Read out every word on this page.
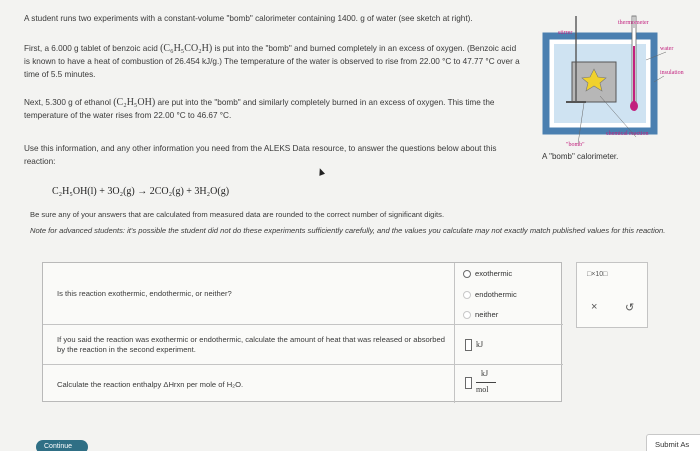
A student runs two experiments with a constant-volume "bomb" calorimeter containing 1400. g of water (see sketch at right).
First, a 6.000 g tablet of benzoic acid (C₆H₅CO₂H) is put into the "bomb" and burned completely in an excess of oxygen. (Benzoic acid is known to have a heat of combustion of 26.454 kJ/g.) The temperature of the water is observed to rise from 22.00 °C to 47.77 °C over a time of 5.5 minutes.
Next, 5.300 g of ethanol (C₂H₅OH) are put into the "bomb" and similarly completely burned in an excess of oxygen. This time the temperature of the water rises from 22.00 °C to 46.67 °C.
Use this information, and any other information you need from the ALEKS Data resource, to answer the questions below about this reaction:
C₂H₅OH(l) + 3O₂(g) → 2CO₂(g) + 3H₂O(g)
Be sure any of your answers that are calculated from measured data are rounded to the correct number of significant digits.
Note for advanced students: it's possible the student did not do these experiments sufficiently carefully, and the values you calculate may not exactly match published values for this reaction.
thermometer
stirrer
water
insulation
chemical reaction
"bomb"
A "bomb" calorimeter.
Is this reaction exothermic, endothermic, or neither?
exothermic
endothermic
neither
If you said the reaction was exothermic or endothermic, calculate the amount of heat that was released or absorbed by the reaction in the second experiment.	kJ
Calculate the reaction enthalpy ΔHrxn per mole of H₂O.
kJ
mol
□×10□
×	↺
Continue	Submit As
